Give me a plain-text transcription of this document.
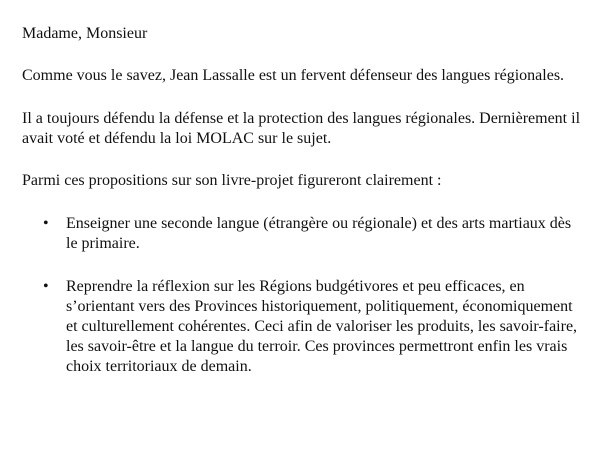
Madame, Monsieur

Comme vous le savez, Jean Lassalle est un fervent défenseur des langues régionales.

Il a toujours défendu la défense et la protection des langues régionales. Dernièrement il avait voté et défendu la loi MOLAC sur le sujet.

Parmi ces propositions sur son livre-projet figureront clairement :

• Enseigner une seconde langue (étrangère ou régionale) et des arts martiaux dès le primaire.
• Reprendre la réflexion sur les Régions budgétivores et peu efficaces, en s’orientant vers des Provinces historiquement, politiquement, économiquement et culturellement cohérentes. Ceci afin de valoriser les produits, les savoir-faire, les savoir-être et la langue du terroir. Ces provinces permettront enfin les vrais choix territoriaux de demain.
